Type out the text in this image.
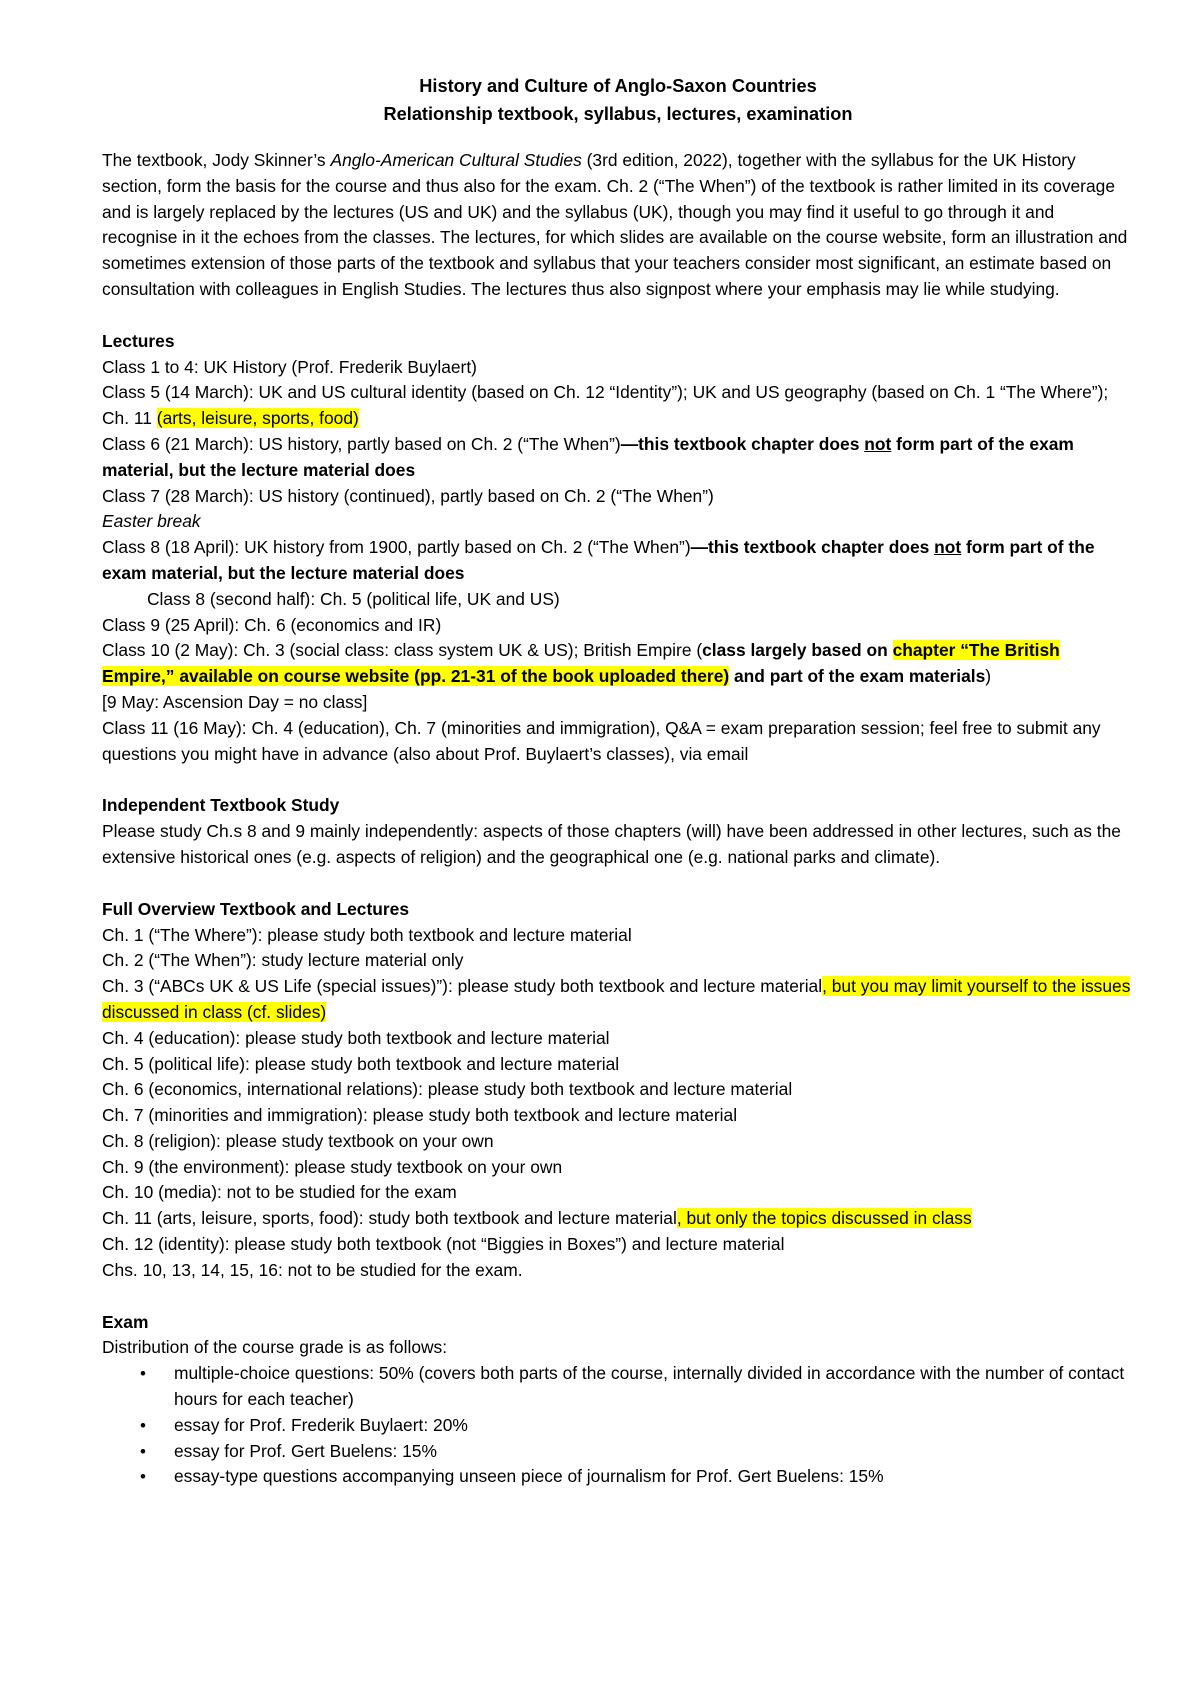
History and Culture of Anglo-Saxon Countries
Relationship textbook, syllabus, lectures, examination

The textbook, Jody Skinner’s Anglo-American Cultural Studies (3rd edition, 2022), together with the syllabus for the UK History section, form the basis for the course and thus also for the exam. Ch. 2 (“The When”) of the textbook is rather limited in its coverage and is largely replaced by the lectures (US and UK) and the syllabus (UK), though you may find it useful to go through it and recognise in it the echoes from the classes. The lectures, for which slides are available on the course website, form an illustration and sometimes extension of those parts of the textbook and syllabus that your teachers consider most significant, an estimate based on consultation with colleagues in English Studies. The lectures thus also signpost where your emphasis may lie while studying.

Lectures

Class 1 to 4: UK History (Prof. Frederik Buylaert)

Class 5 (14 March): UK and US cultural identity (based on Ch. 12 “Identity”); UK and US geography (based on Ch. 1 “The Where”); Ch. 11 (arts, leisure, sports, food)

Class 6 (21 March): US history, partly based on Ch. 2 (“The When”)—this textbook chapter does not form part of the exam material, but the lecture material does

Class 7 (28 March): US history (continued), partly based on Ch. 2 (“The When”)

Easter break

Class 8 (18 April): UK history from 1900, partly based on Ch. 2 (“The When”)—this textbook chapter does not form part of the exam material, but the lecture material does

Class 8 (second half): Ch. 5 (political life, UK and US)

Class 9 (25 April): Ch. 6 (economics and IR)

Class 10 (2 May): Ch. 3 (social class: class system UK & US); British Empire (class largely based on chapter “The British Empire,” available on course website (pp. 21-31 of the book uploaded there) and part of the exam materials)

[9 May: Ascension Day = no class]

Class 11 (16 May): Ch. 4 (education), Ch. 7 (minorities and immigration), Q&A = exam preparation session; feel free to submit any questions you might have in advance (also about Prof. Buylaert’s classes), via email

Independent Textbook Study

Please study Ch.s 8 and 9 mainly independently: aspects of those chapters (will) have been addressed in other lectures, such as the extensive historical ones (e.g. aspects of religion) and the geographical one (e.g. national parks and climate).

Full Overview Textbook and Lectures

Ch. 1 (“The Where”): please study both textbook and lecture material

Ch. 2 (“The When”): study lecture material only

Ch. 3 (“ABCs UK & US Life (special issues)”): please study both textbook and lecture material, but you may limit yourself to the issues discussed in class (cf. slides)

Ch. 4 (education): please study both textbook and lecture material

Ch. 5 (political life): please study both textbook and lecture material

Ch. 6 (economics, international relations): please study both textbook and lecture material

Ch. 7 (minorities and immigration): please study both textbook and lecture material

Ch. 8 (religion): please study textbook on your own

Ch. 9 (the environment): please study textbook on your own

Ch. 10 (media): not to be studied for the exam

Ch. 11 (arts, leisure, sports, food): study both textbook and lecture material, but only the topics discussed in class

Ch. 12 (identity): please study both textbook (not “Biggies in Boxes”) and lecture material

Chs. 10, 13, 14, 15, 16: not to be studied for the exam.

Exam

Distribution of the course grade is as follows:

• multiple-choice questions: 50% (covers both parts of the course, internally divided in accordance with the number of contact hours for each teacher)
• essay for Prof. Frederik Buylaert: 20%
• essay for Prof. Gert Buelens: 15%
• essay-type questions accompanying unseen piece of journalism for Prof. Gert Buelens: 15%
